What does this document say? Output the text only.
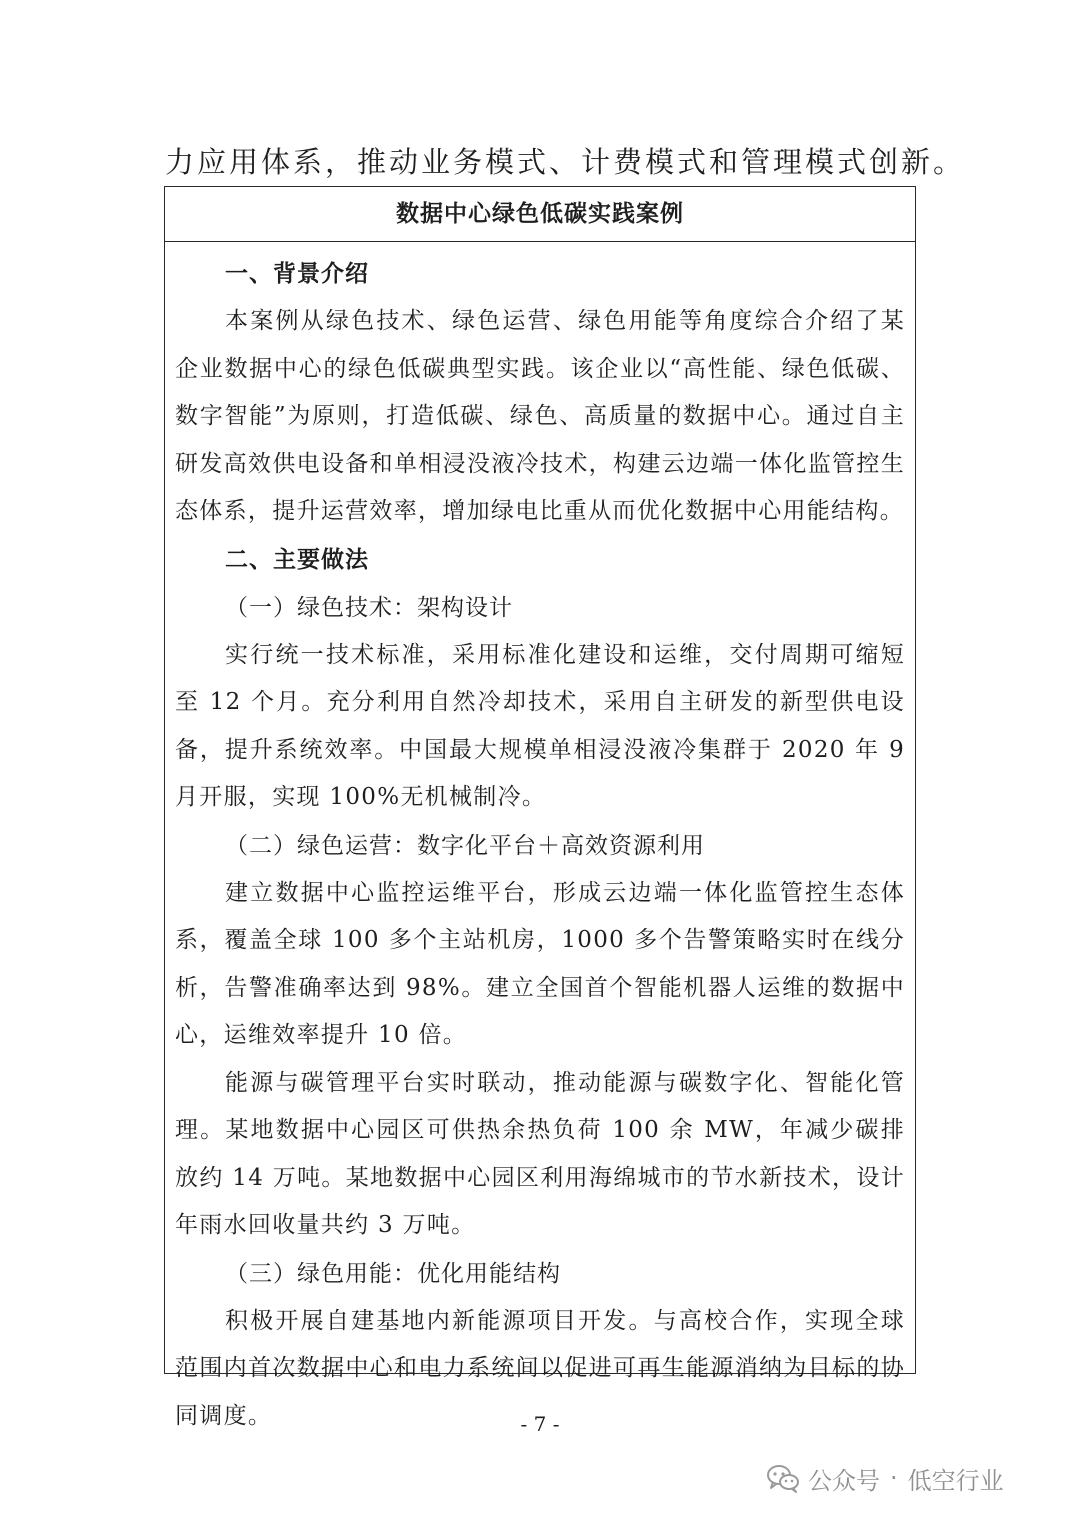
力应用体系，推动业务模式、计费模式和管理模式创新。
数据中心绿色低碳实践案例

一、背景介绍

本案例从绿色技术、绿色运营、绿色用能等角度综合介绍了某企业数据中心的绿色低碳典型实践。该企业以“高性能、绿色低碳、数字智能”为原则，打造低碳、绿色、高质量的数据中心。通过自主研发高效供电设备和单相浸没液冷技术，构建云边端一体化监管控生态体系，提升运营效率，增加绿电比重从而优化数据中心用能结构。

二、主要做法

（一）绿色技术：架构设计

实行统一技术标准，采用标准化建设和运维，交付周期可缩短至 12 个月。充分利用自然冷却技术，采用自主研发的新型供电设备，提升系统效率。中国最大规模单相浸没液冷集群于 2020 年 9 月开服，实现 100%无机械制冷。

（二）绿色运营：数字化平台＋高效资源利用

建立数据中心监控运维平台，形成云边端一体化监管控生态体系，覆盖全球 100 多个主站机房，1000 多个告警策略实时在线分析，告警准确率达到 98%。建立全国首个智能机器人运维的数据中心，运维效率提升 10 倍。

能源与碳管理平台实时联动，推动能源与碳数字化、智能化管理。某地数据中心园区可供热余热负荷 100 余 MW，年减少碳排放约 14 万吨。某地数据中心园区利用海绵城市的节水新技术，设计年雨水回收量共约 3 万吨。

（三）绿色用能：优化用能结构

积极开展自建基地内新能源项目开发。与高校合作，实现全球范围内首次数据中心和电力系统间以促进可再生能源消纳为目标的协同调度。	- 7 -
公众号 · 低空行业
